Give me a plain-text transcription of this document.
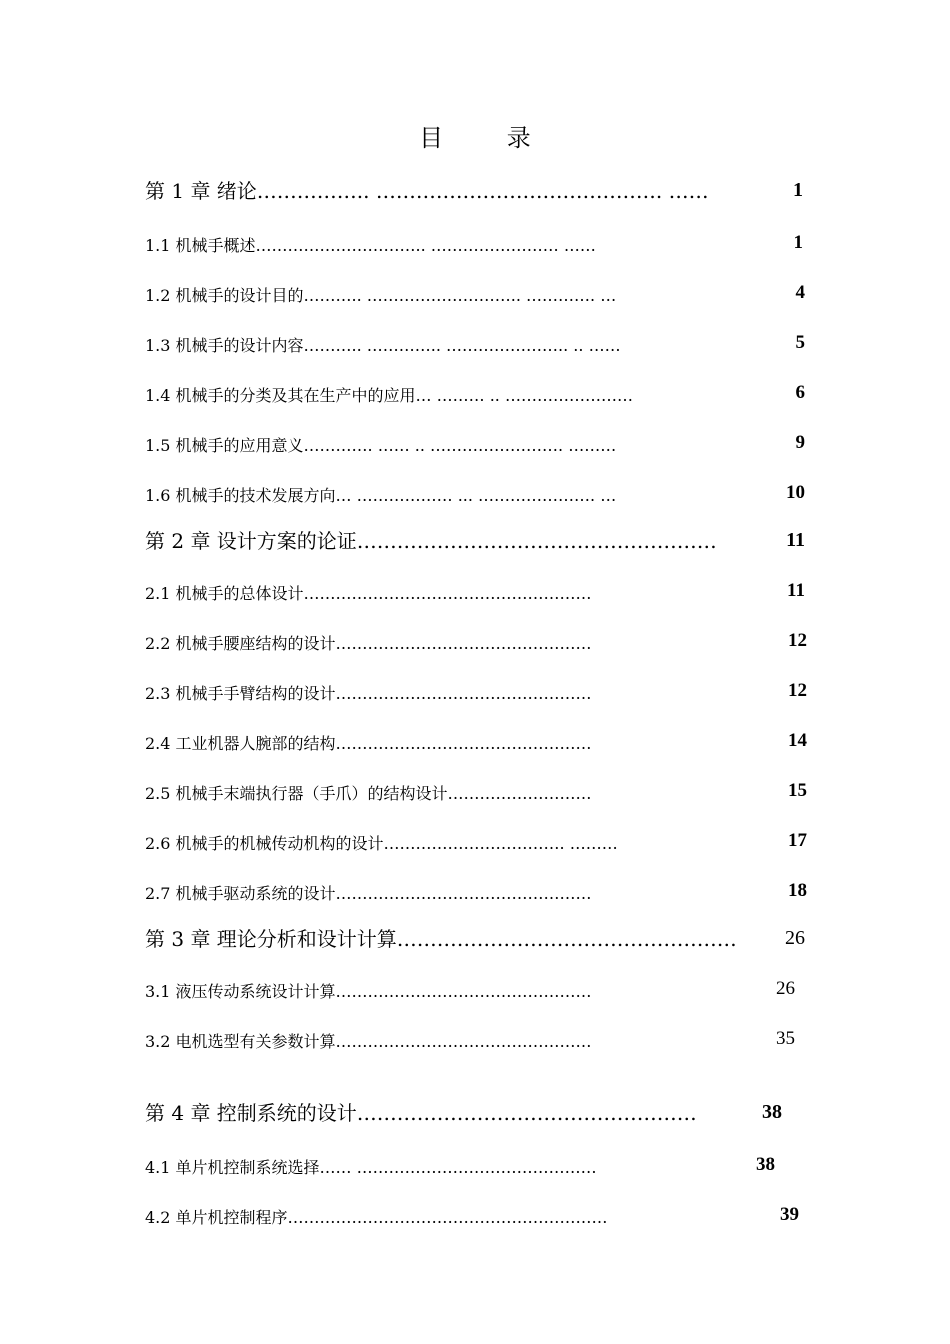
目 录
第 1 章 绪论…………….. ……………………………………. ……	1
1.1 机械手概述………………………….. …………………… ……	1
1.2 机械手的设计目的……….. ……………………….. …………. …	4
1.3 机械手的设计内容……….. ………….. ………………….. .. ……	5
1.4 机械手的分类及其在生产中的应用… ……… .. ……………………	6
1.5 机械手的应用意义…………. …… .. ……………………. ………	9
1.6 机械手的技术发展方向… ……………… ... …………………. …	10
第 2 章 设计方案的论证………………………………………………	11
2.1 机械手的总体设计………………………………………………	11
2.2 机械手腰座结构的设计…………………………………………	12
2.3 机械手手臂结构的设计…………………………………………	12
2.4 工业机器人腕部的结构…………………………………………	14
2.5 机械手末端执行器（手爪）的结构设计………………………	15
2.6 机械手的机械传动机构的设计……………………………. ………	17
2.7 机械手驱动系统的设计…………………………………………	18
第 3 章 理论分析和设计计算…………………………………………… 26
3.1 液压传动系统设计计算…………………………………………	26
3.2 电机选型有关参数计算…………………………………………	35
第 4 章 控制系统的设计……………………………………………	38
4.1 单片机控制系统选择…… ………………………………………	38
4.2 单片机控制程序……………………………………………………	39
